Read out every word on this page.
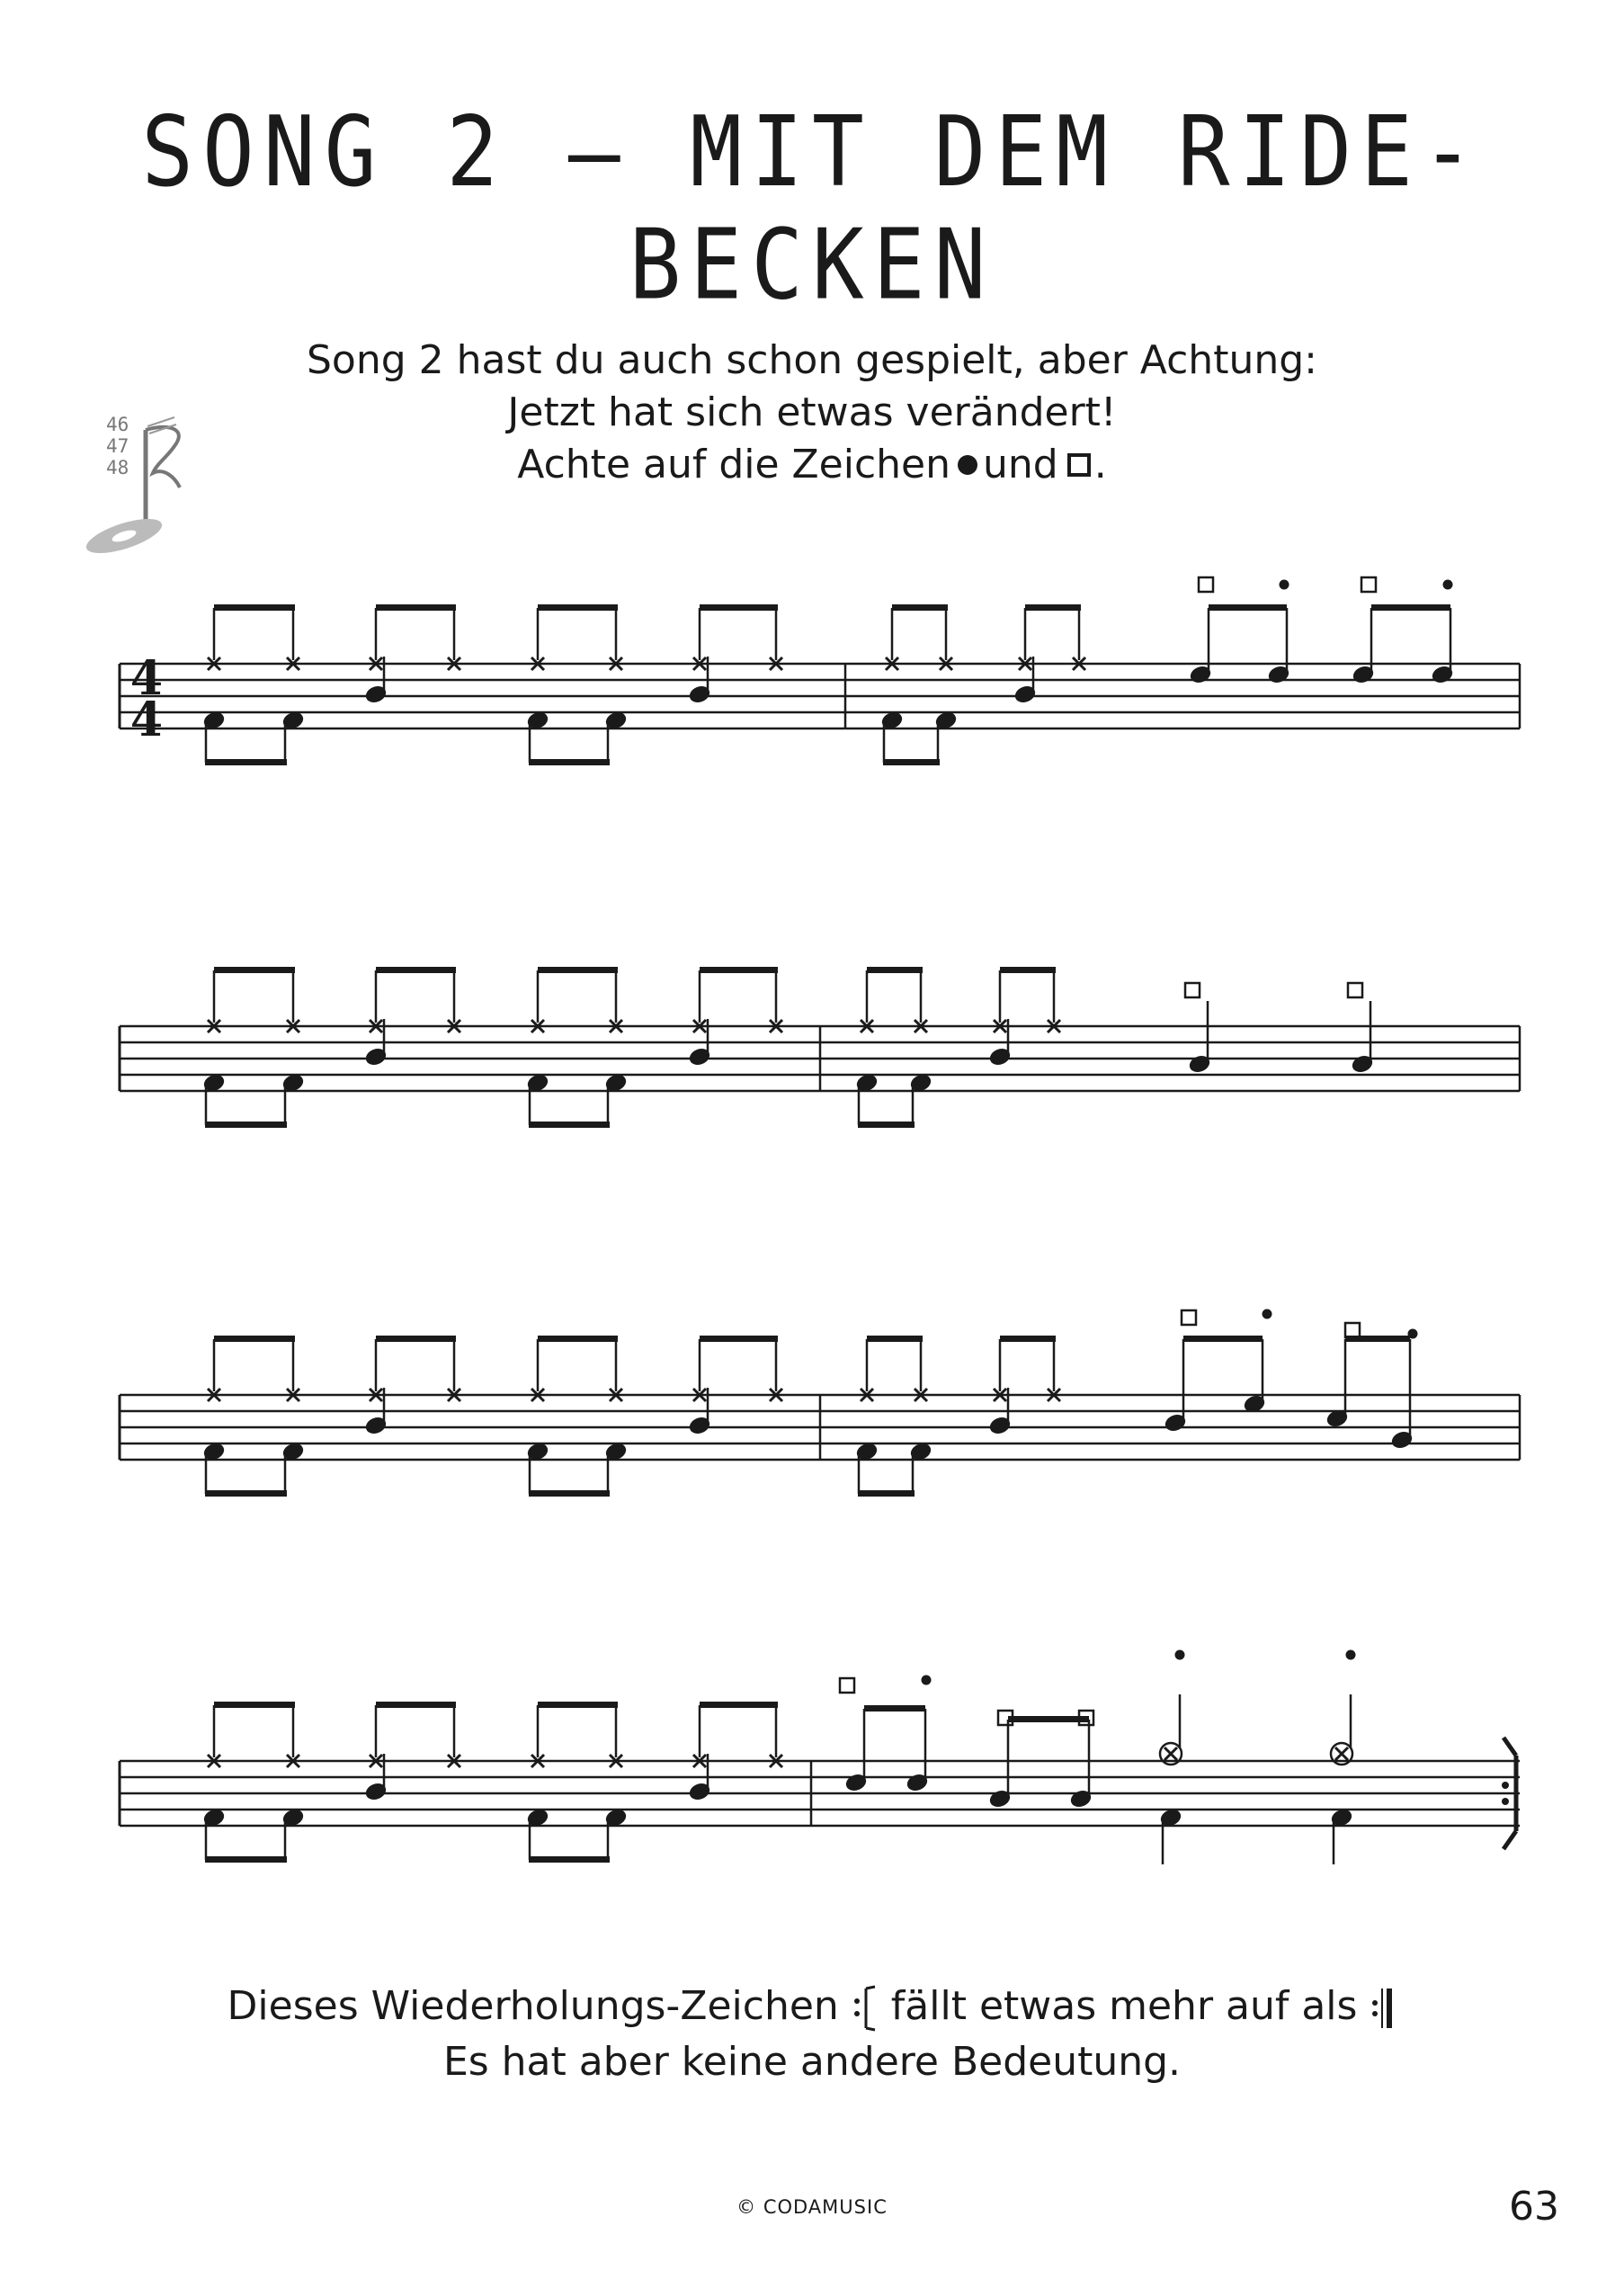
SONG 2 – MIT DEM RIDE-BECKEN

Song 2 hast du auch schon gespielt, aber Achtung:

Jetzt hat sich etwas verändert!

Achte auf die Zeichen und .

46
47
48
4
4

Dieses Wiederholungs-Zeichen fällt etwas mehr auf als

Es hat aber keine andere Bedeutung.

© CODAMUSIC	63
